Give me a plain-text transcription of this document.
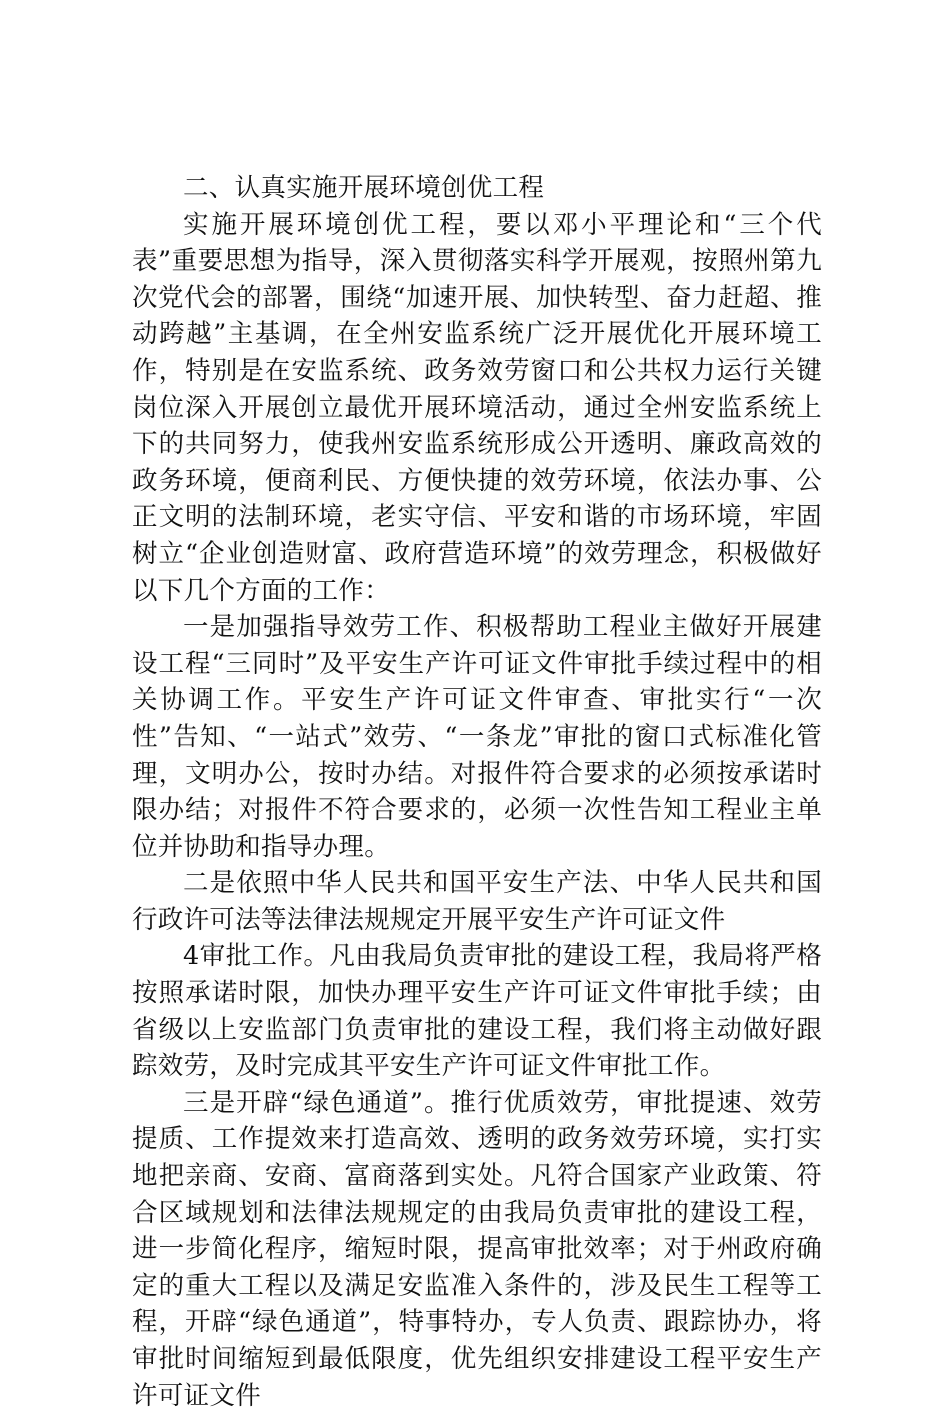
二、认真实施开展环境创优工程

实施开展环境创优工程，要以邓小平理论和“三个代表”重要思想为指导，深入贯彻落实科学开展观，按照州第九次党代会的部署，围绕“加速开展、加快转型、奋力赶超、推动跨越”主基调，在全州安监系统广泛开展优化开展环境工作，特别是在安监系统、政务效劳窗口和公共权力运行关键岗位深入开展创立最优开展环境活动，通过全州安监系统上下的共同努力，使我州安监系统形成公开透明、廉政高效的政务环境，便商利民、方便快捷的效劳环境，依法办事、公正文明的法制环境，老实守信、平安和谐的市场环境，牢固树立“企业创造财富、政府营造环境”的效劳理念，积极做好以下几个方面的工作：

一是加强指导效劳工作、积极帮助工程业主做好开展建设工程“三同时”及平安生产许可证文件审批手续过程中的相关协调工作。平安生产许可证文件审查、审批实行“一次性”告知、“一站式”效劳、“一条龙”审批的窗口式标准化管理，文明办公，按时办结。对报件符合要求的必须按承诺时限办结；对报件不符合要求的，必须一次性告知工程业主单位并协助和指导办理。

二是依照中华人民共和国平安生产法、中华人民共和国行政许可法等法律法规规定开展平安生产许可证文件

4审批工作。凡由我局负责审批的建设工程，我局将严格按照承诺时限，加快办理平安生产许可证文件审批手续；由省级以上安监部门负责审批的建设工程，我们将主动做好跟踪效劳，及时完成其平安生产许可证文件审批工作。

三是开辟“绿色通道”。推行优质效劳，审批提速、效劳提质、工作提效来打造高效、透明的政务效劳环境，实打实地把亲商、安商、富商落到实处。凡符合国家产业政策、符合区域规划和法律法规规定的由我局负责审批的建设工程，进一步简化程序，缩短时限，提高审批效率；对于州政府确定的重大工程以及满足安监准入条件的，涉及民生工程等工程，开辟“绿色通道”，特事特办，专人负责、跟踪协办，将审批时间缩短到最低限度，优先组织安排建设工程平安生产许可证文件
